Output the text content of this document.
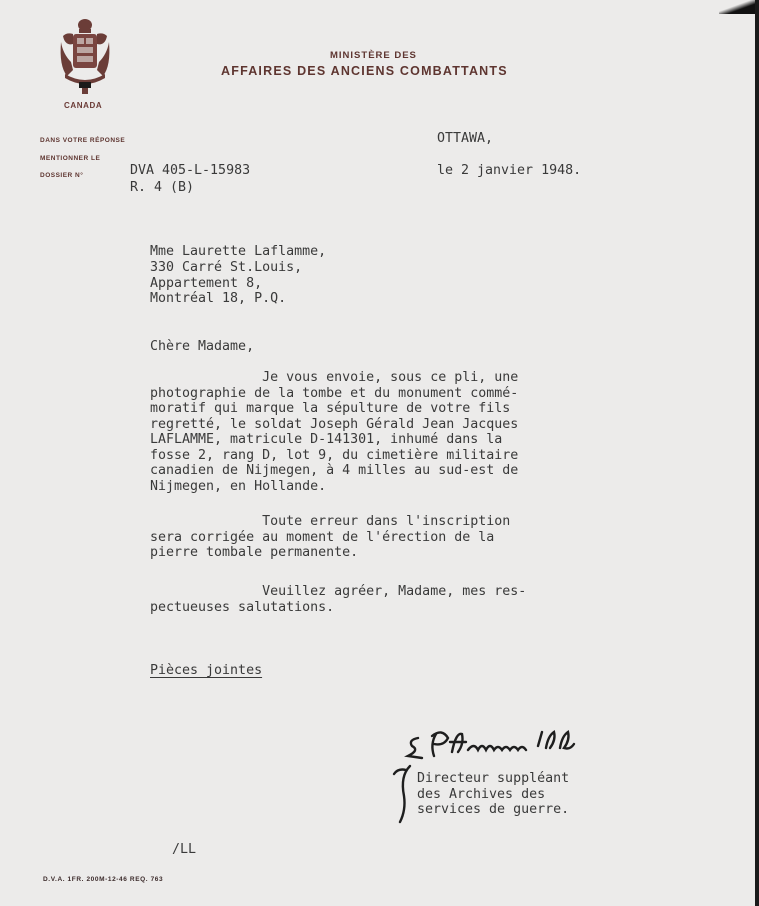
CANADA
MINISTÈRE DES
AFFAIRES DES ANCIENS COMBATTANTS
DANS VOTRE RÉPONSE
MENTIONNER LE
DOSSIER N°	DVA 405-L-15983
R. 4 (B)
OTTAWA,
le 2 janvier 1948.
Mme Laurette Laflamme,
330 Carré St.Louis,
Appartement 8,
Montréal 18, P.Q.
Chère Madame,
Je vous envoie, sous ce pli, une
photographie de la tombe et du monument commé-
moratif qui marque la sépulture de votre fils
regretté, le soldat Joseph Gérald Jean Jacques
LAFLAMME, matricule D-141301, inhumé dans la
fosse 2, rang D, lot 9, du cimetière militaire
canadien de Nijmegen, à 4 milles au sud-est de
Nijmegen, en Hollande.
Toute erreur dans l'inscription
sera corrigée au moment de l'érection de la
pierre tombale permanente.
Veuillez agréer, Madame, mes res-
pectueuses salutations.
Pièces jointes
Directeur suppléant
des Archives des
services de guerre.
/LL
D.V.A. 1FR. 200M-12-46 REQ. 763
